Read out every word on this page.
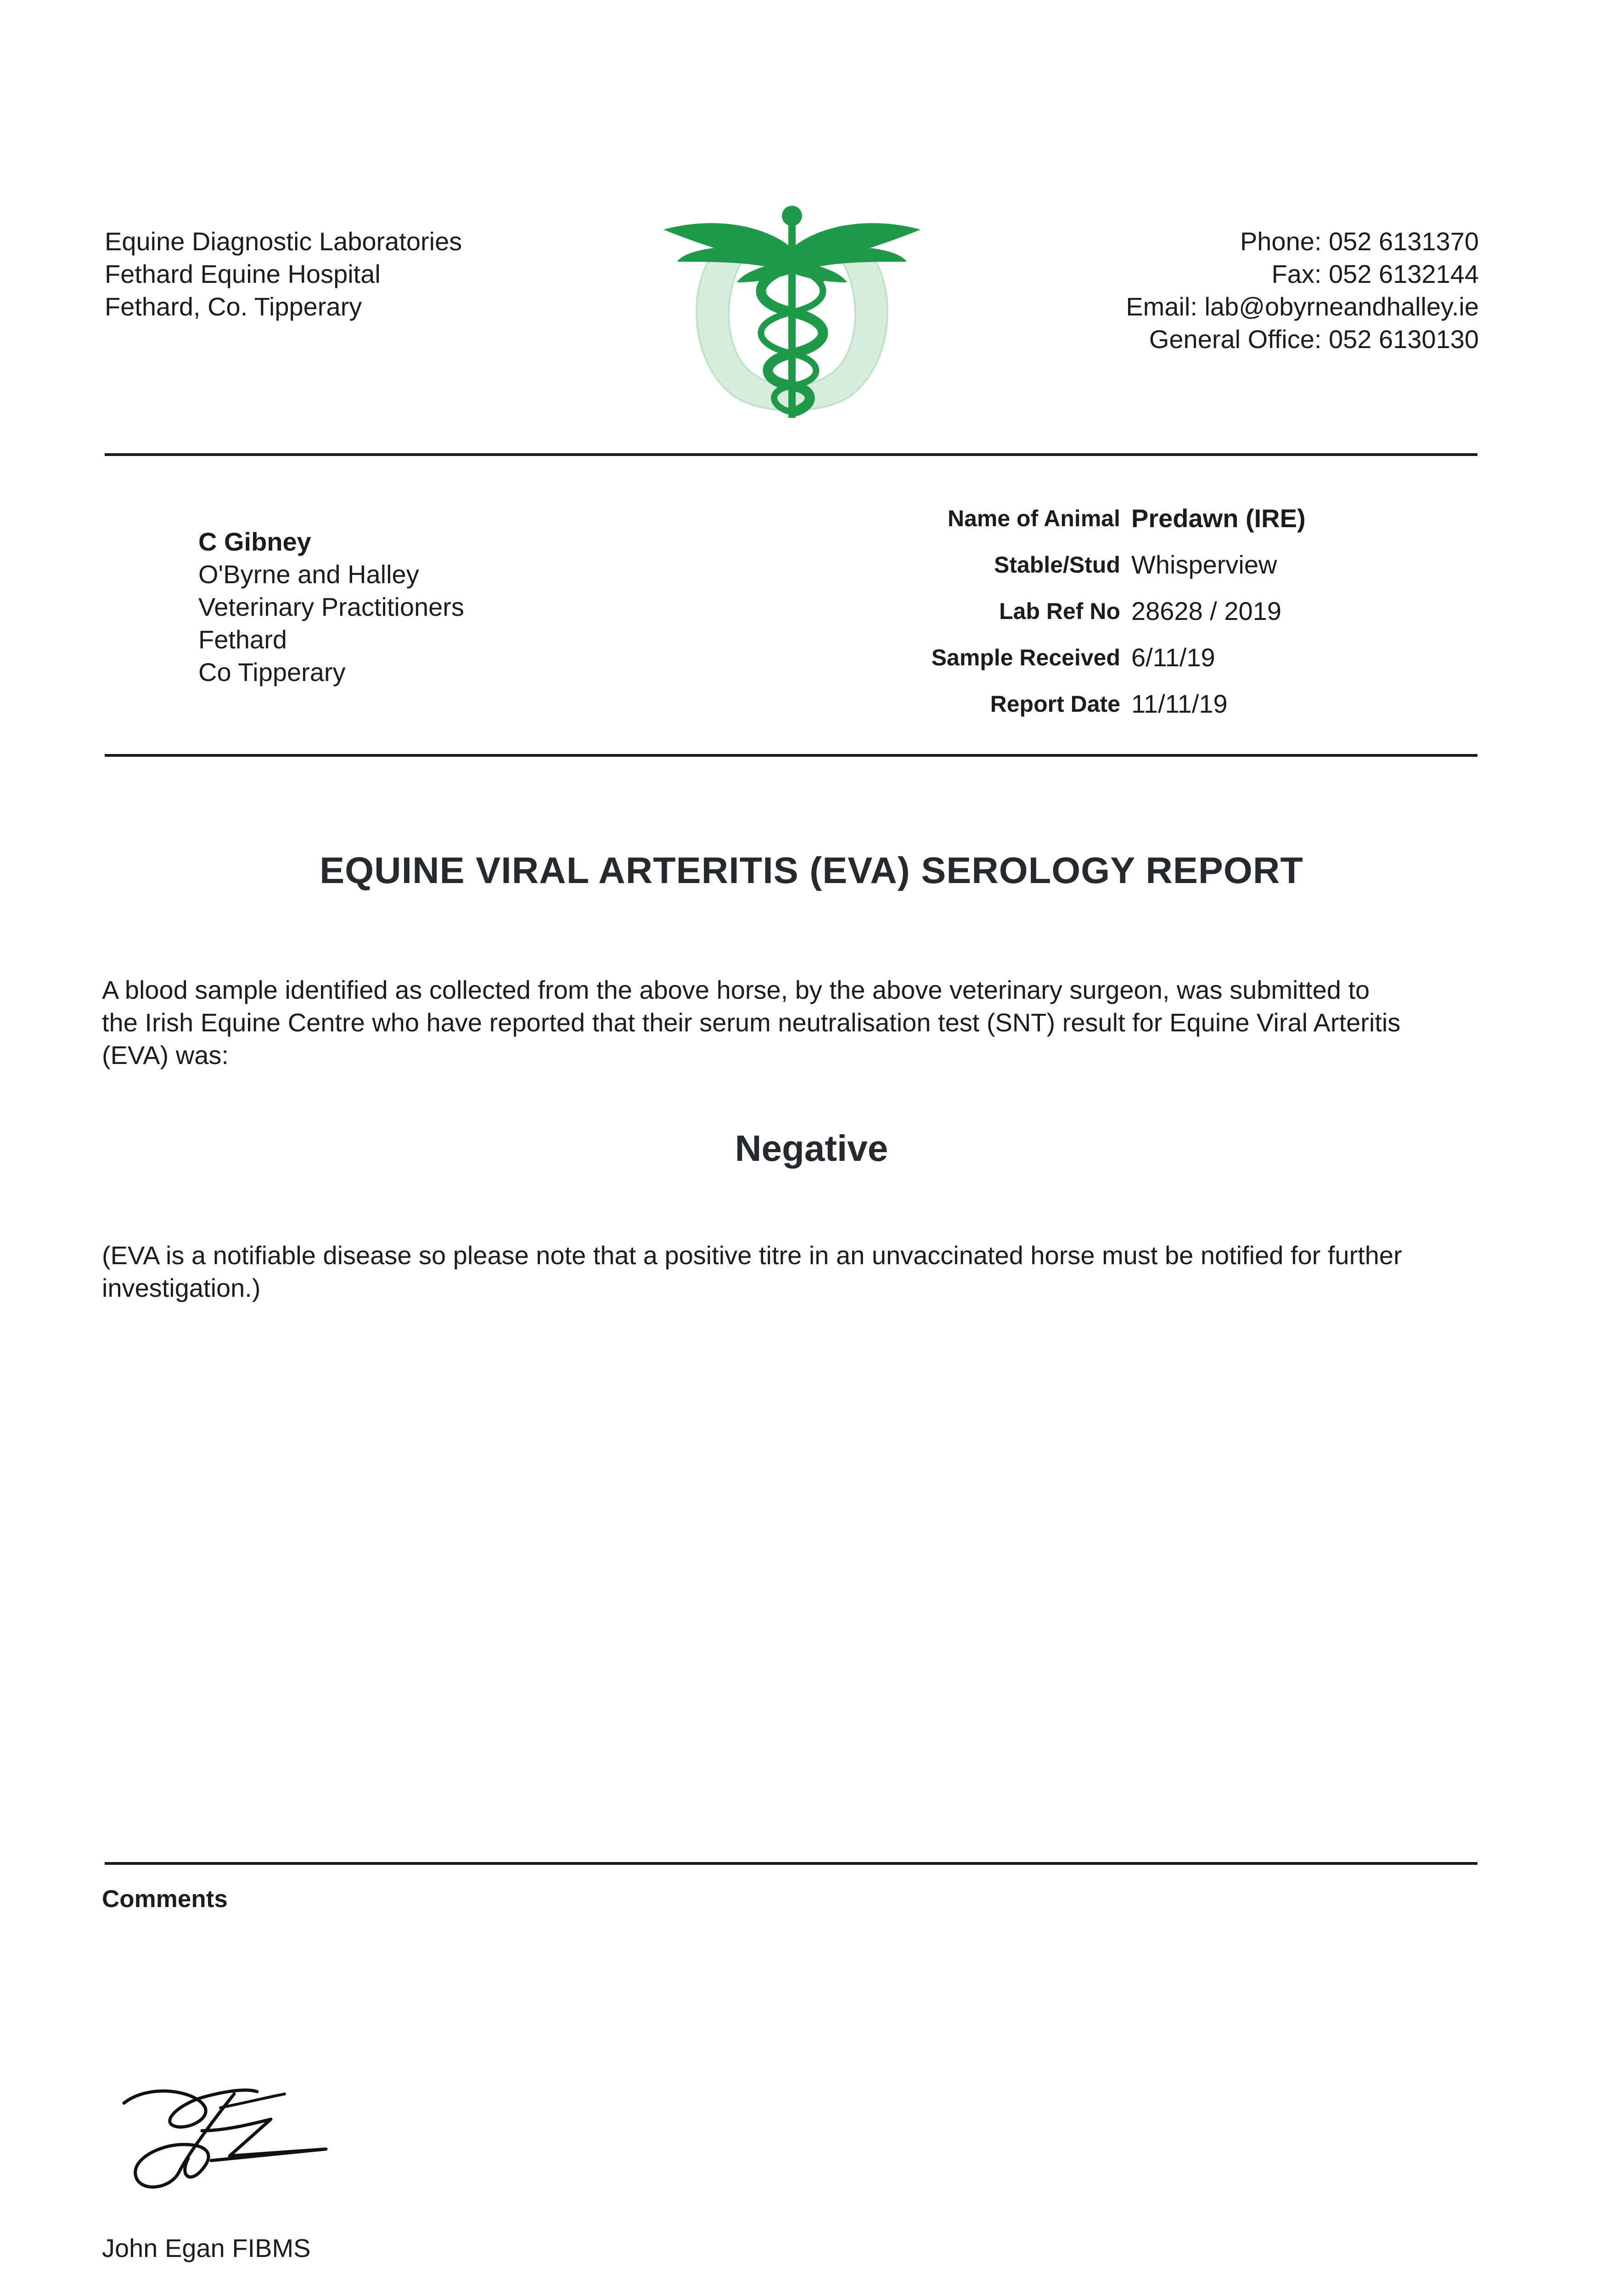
Equine Diagnostic Laboratories

Fethard Equine Hospital

Fethard, Co. Tipperary

Phone: 052 6131370

Fax: 052 6132144

Email: lab@obyrneandhalley.ie

General Office: 052 6130130

C Gibney

O'Byrne and Halley

Veterinary Practitioners

Fethard

Co Tipperary

Name of Animal Predawn (IRE)
Stable/Stud Whisperview
Lab Ref No 28628 / 2019
Sample Received 6/11/19
Report Date 11/11/19
EQUINE VIRAL ARTERITIS (EVA) SEROLOGY REPORT
A blood sample identified as collected from the above horse, by the above veterinary surgeon, was submitted to
the Irish Equine Centre who have reported that their serum neutralisation test (SNT) result for Equine Viral Arteritis
(EVA) was:
Negative
(EVA is a notifiable disease so please note that a positive titre in an unvaccinated horse must be notified for further
investigation.)
Comments
John Egan FIBMS
